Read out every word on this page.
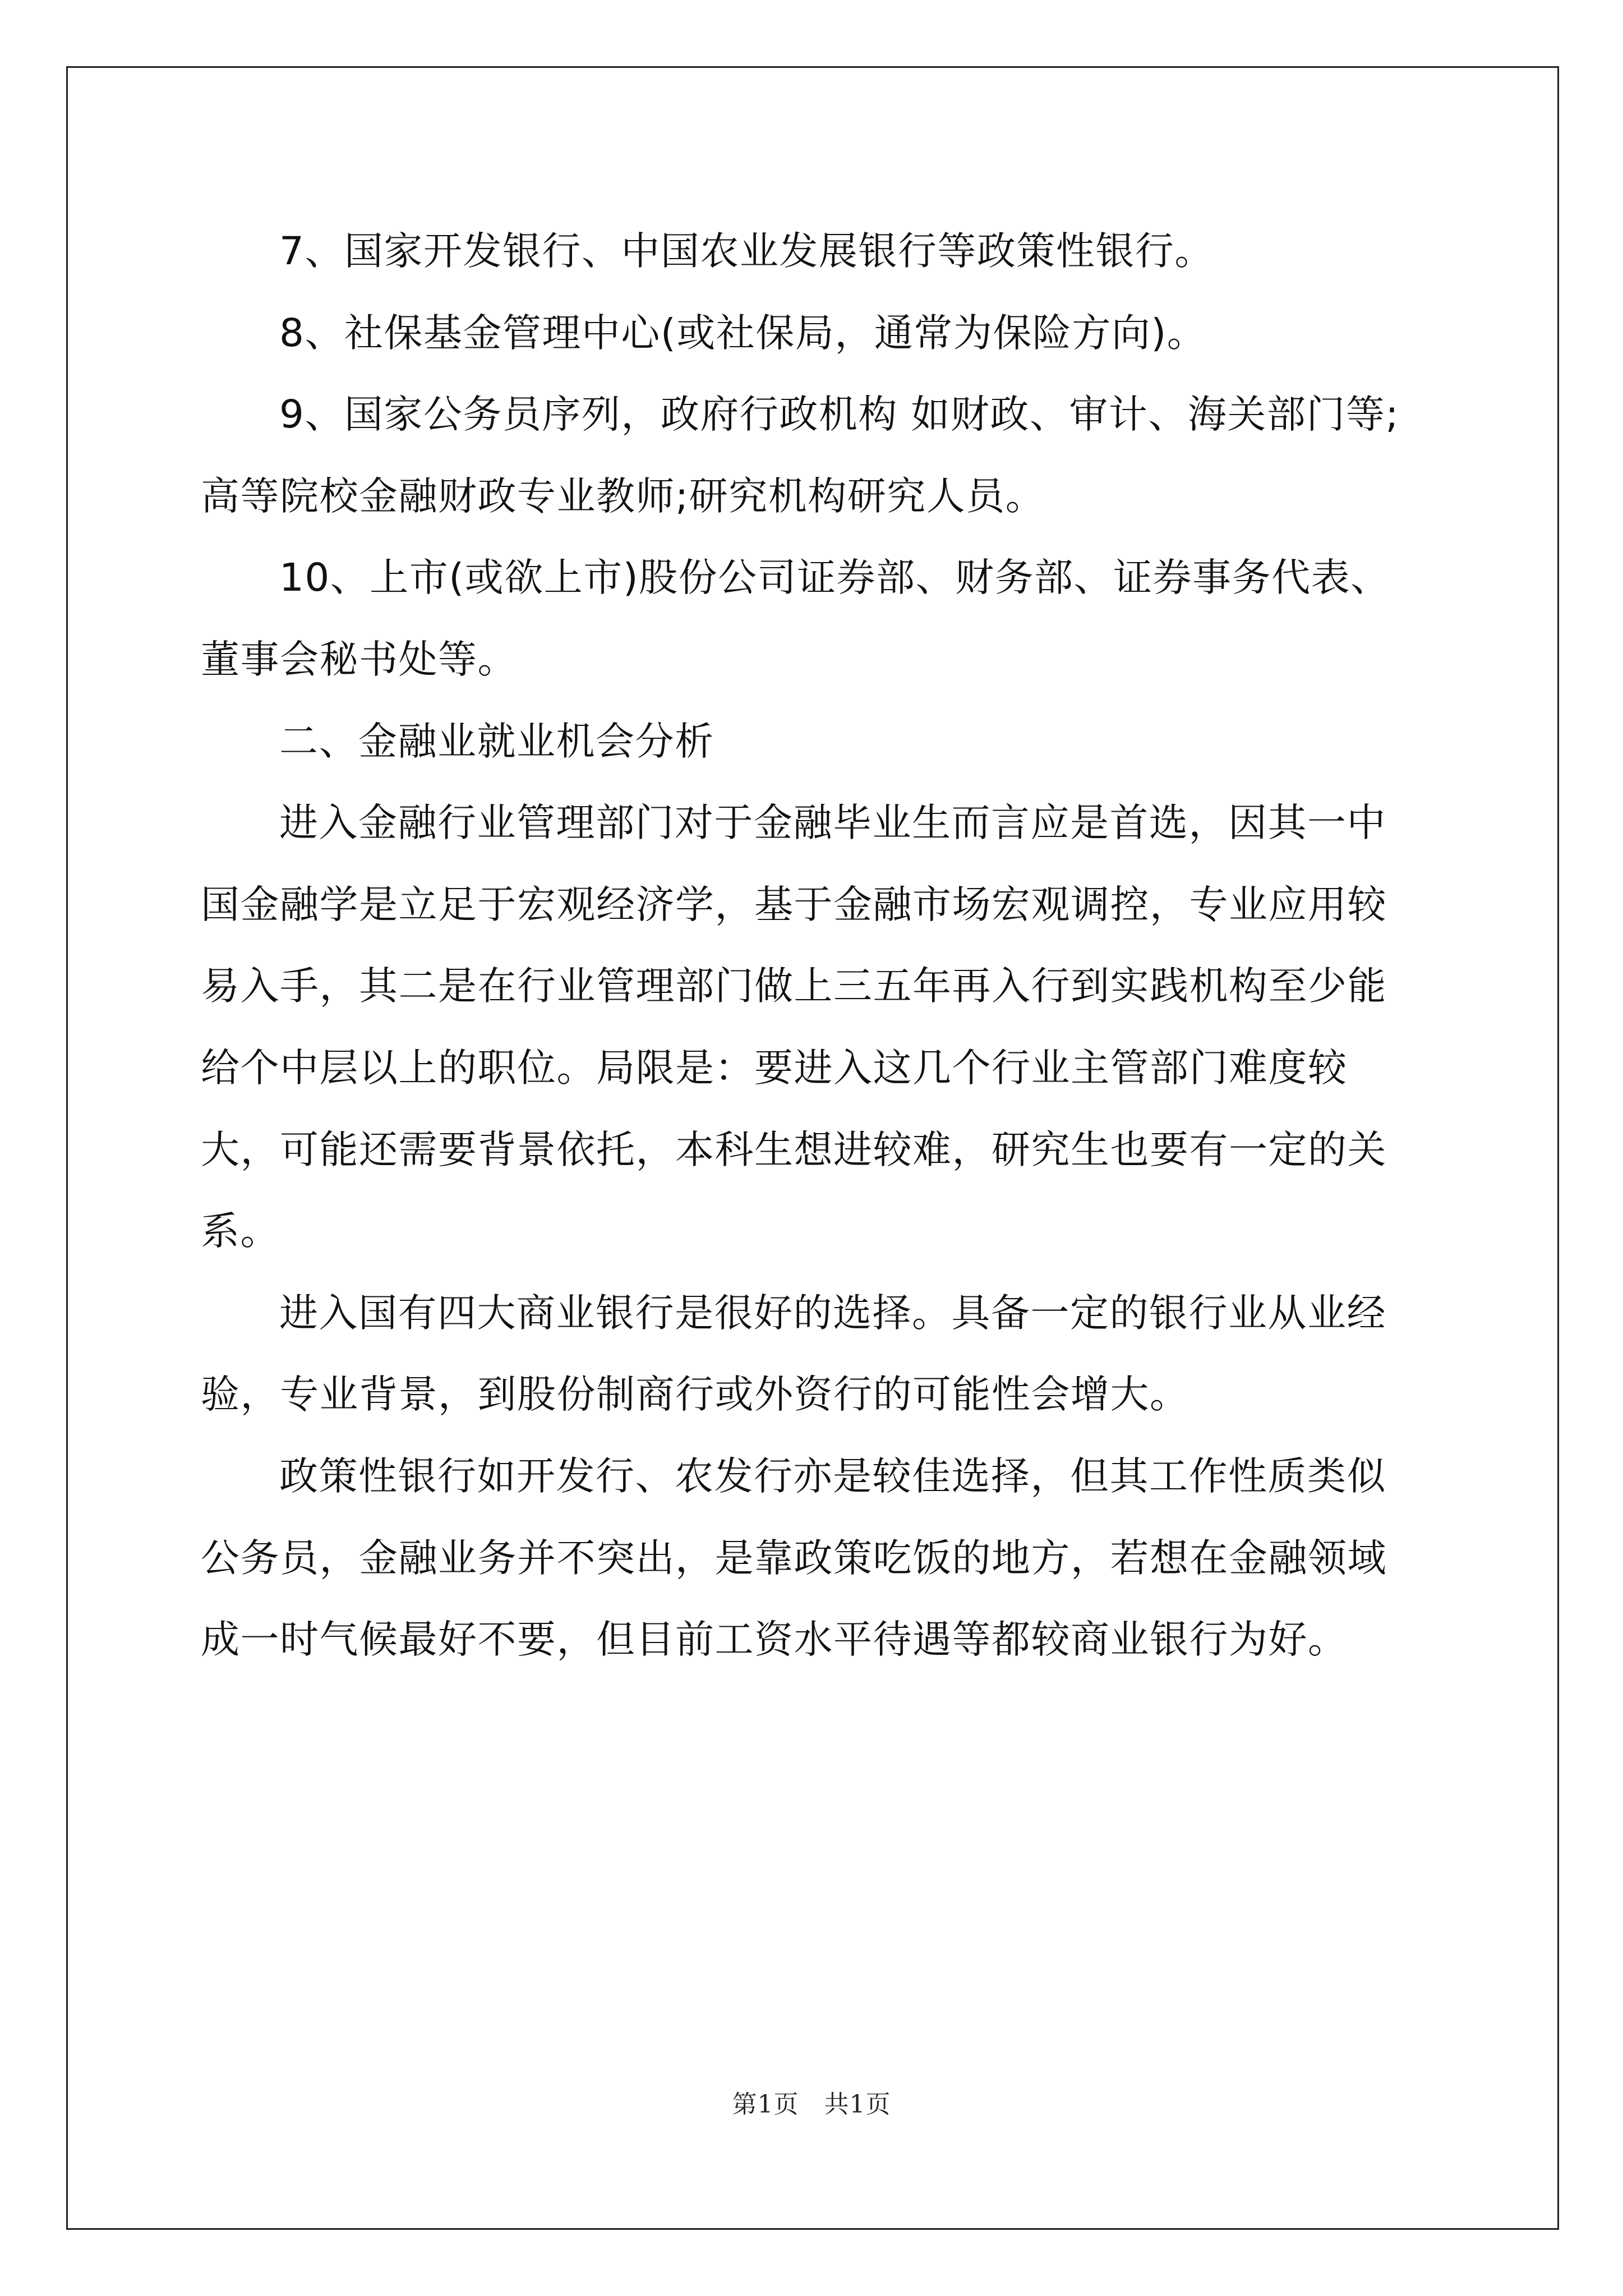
7、国家开发银行、中国农业发展银行等政策性银行。

8、社保基金管理中心(或社保局，通常为保险方向)。

9、国家公务员序列，政府行政机构 如财政、审计、海关部门等;高等院校金融财政专业教师;研究机构研究人员。

10、上市(或欲上市)股份公司证券部、财务部、证券事务代表、董事会秘书处等。

二、金融业就业机会分析

进入金融行业管理部门对于金融毕业生而言应是首选，因其一中国金融学是立足于宏观经济学，基于金融市场宏观调控，专业应用较易入手，其二是在行业管理部门做上三五年再入行到实践机构至少能给个中层以上的职位。局限是：要进入这几个行业主管部门难度较大，可能还需要背景依托，本科生想进较难，研究生也要有一定的关系。

进入国有四大商业银行是很好的选择。具备一定的银行业从业经验，专业背景，到股份制商行或外资行的可能性会增大。

政策性银行如开发行、农发行亦是较佳选择，但其工作性质类似公务员，金融业务并不突出，是靠政策吃饭的地方，若想在金融领域成一时气候最好不要，但目前工资水平待遇等都较商业银行为好。

第1页　共1页
